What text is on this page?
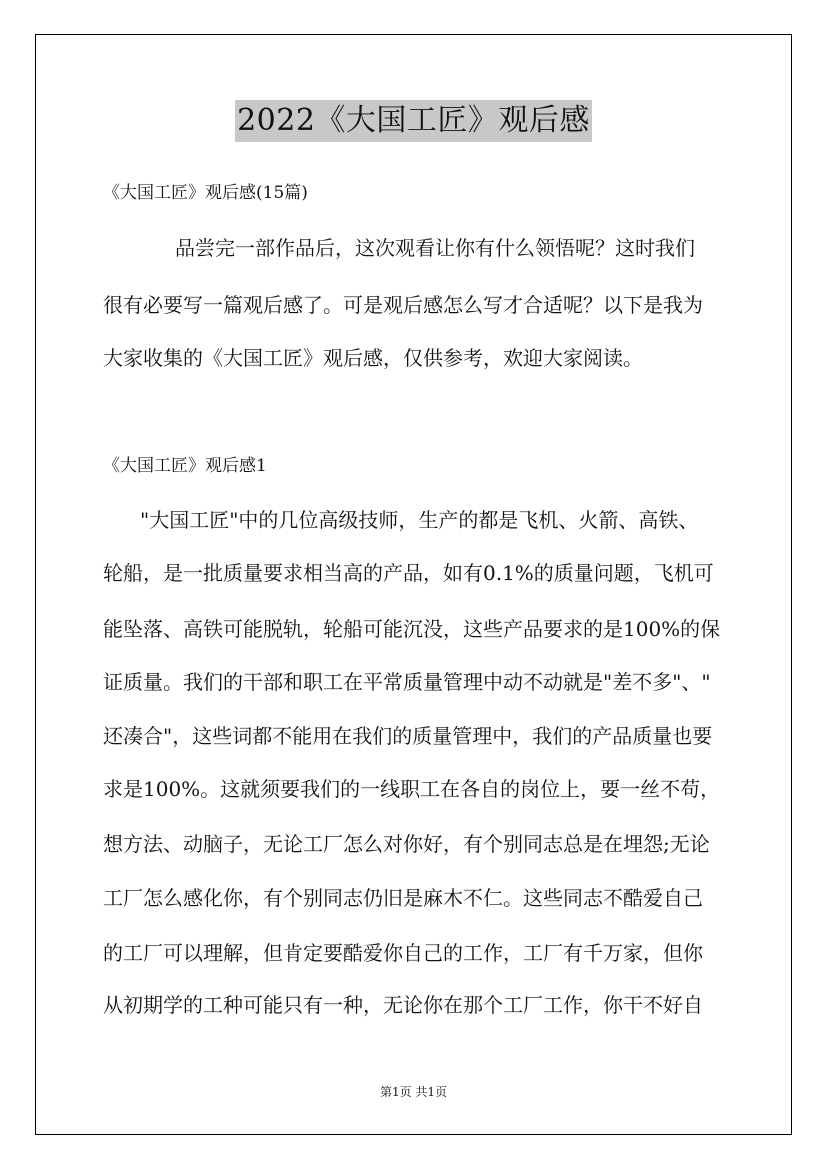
2022《大国工匠》观后感
《大国工匠》观后感(15篇)
品尝完一部作品后，这次观看让你有什么领悟呢？这时我们
很有必要写一篇观后感了。可是观后感怎么写才合适呢？以下是我为
大家收集的《大国工匠》观后感，仅供参考，欢迎大家阅读。
《大国工匠》观后感1
"大国工匠"中的几位高级技师，生产的都是飞机、火箭、高铁、
轮船，是一批质量要求相当高的产品，如有0.1%的质量问题，飞机可
能坠落、高铁可能脱轨，轮船可能沉没，这些产品要求的是100%的保
证质量。我们的干部和职工在平常质量管理中动不动就是"差不多"、"
还凑合"，这些词都不能用在我们的质量管理中，我们的产品质量也要
求是100%。这就须要我们的一线职工在各自的岗位上，要一丝不苟，
想方法、动脑子，无论工厂怎么对你好，有个别同志总是在埋怨;无论
工厂怎么感化你，有个别同志仍旧是麻木不仁。这些同志不酷爱自己
的工厂可以理解，但肯定要酷爱你自己的工作，工厂有千万家，但你
从初期学的工种可能只有一种，无论你在那个工厂工作，你干不好自
第1页 共1页
